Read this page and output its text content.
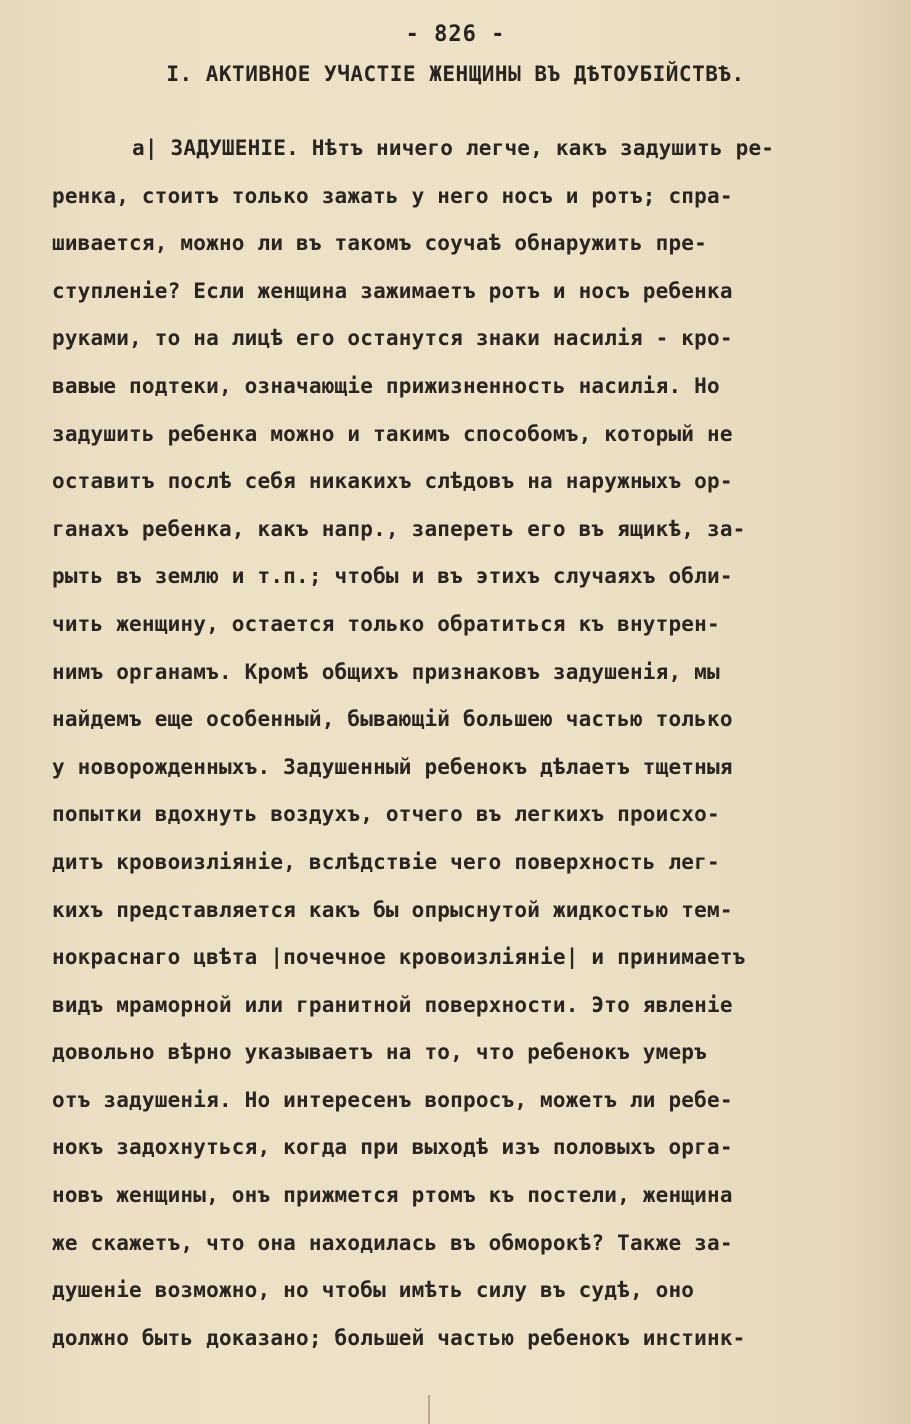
- 826 -
I. АКТИВНОЕ УЧАСТІЕ ЖЕНЩИНЫ ВЪ ДѢТОУБІЙСТВѢ.
а| ЗАДУШЕНІЕ. Нѣтъ ничего легче, какъ задушить ре-
ренка, стоитъ только зажать у него носъ и ротъ; спра-
шивается, можно ли въ такомъ соучаѣ обнаружить пре-
ступленіе? Если женщина зажимаетъ ротъ и носъ ребенка
руками, то на лицѣ его останутся знаки насилія - кро-
вавые подтеки, означающіе прижизненность насилія. Но
задушить ребенка можно и такимъ способомъ, который не
оставитъ послѣ себя никакихъ слѣдовъ на наружныхъ ор-
ганахъ ребенка, какъ напр., запереть его въ ящикѣ, за-
рыть въ землю и т.п.; чтобы и въ этихъ случаяхъ обли-
чить женщину, остается только обратиться къ внутрен-
нимъ органамъ. Кромѣ общихъ признаковъ задушенія, мы
найдемъ еще особенный, бывающій большею частью только
у новорожденныхъ. Задушенный ребенокъ дѣлаетъ тщетныя
попытки вдохнуть воздухъ, отчего въ легкихъ происхо-
дитъ кровоизліяніе, вслѣдствіе чего поверхность лег-
кихъ представляется какъ бы опрыснутой жидкостью тем-
нокраснаго цвѣта |почечное кровоизліяніе| и принимаетъ
видъ мраморной или гранитной поверхности. Это явленіе
довольно вѣрно указываетъ на то, что ребенокъ умеръ
отъ задушенія. Но интересенъ вопросъ, можетъ ли ребе-
нокъ задохнуться, когда при выходѣ изъ половыхъ орга-
новъ женщины, онъ прижмется ртомъ къ постели, женщина
же скажетъ, что она находилась въ обморокѣ? Также за-
душеніе возможно, но чтобы имѣть силу въ судѣ, оно
должно быть доказано; большей частью ребенокъ инстинк-
